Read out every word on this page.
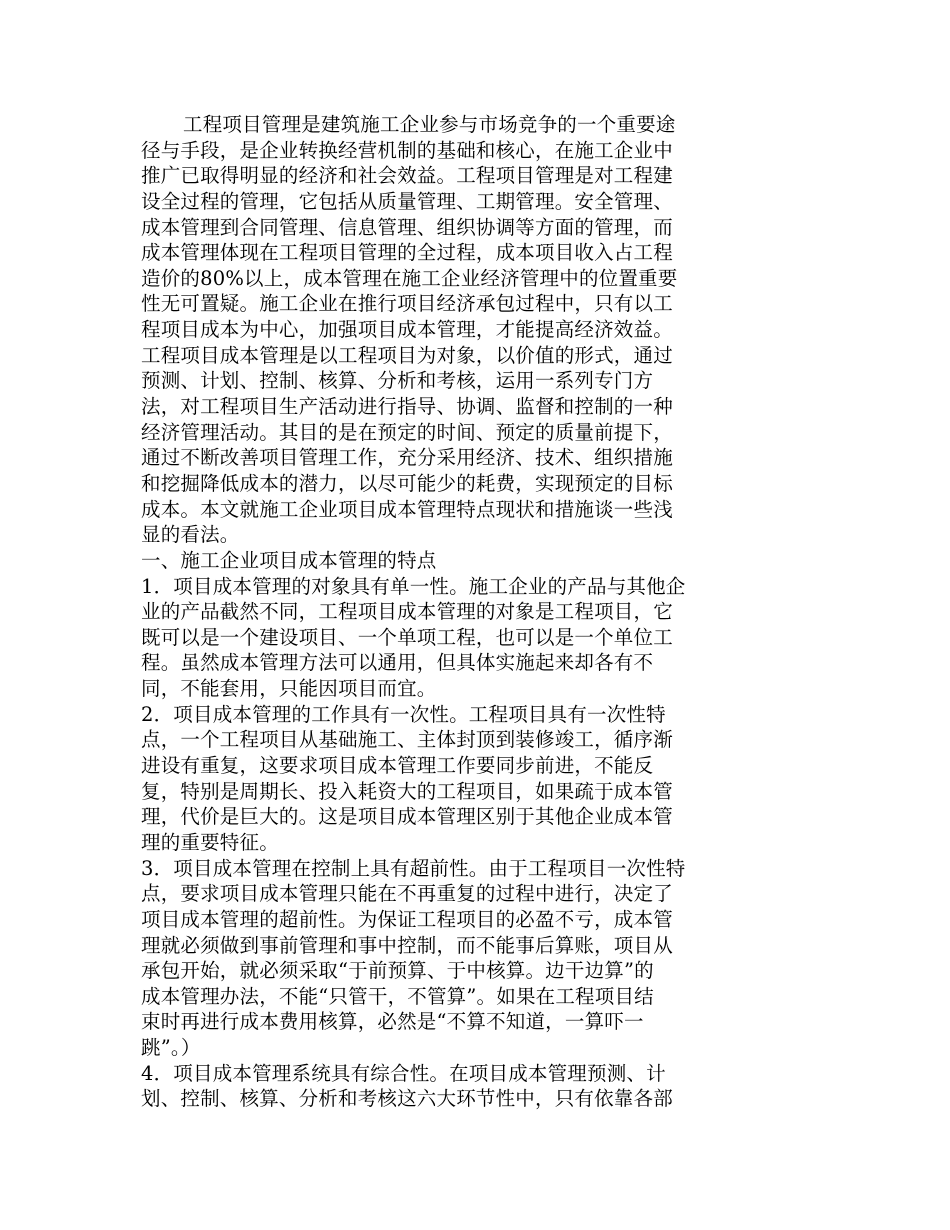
工程项目管理是建筑施工企业参与市场竞争的一个重要途
径与手段，是企业转换经营机制的基础和核心，在施工企业中
推广已取得明显的经济和社会效益。工程项目管理是对工程建
设全过程的管理，它包括从质量管理、工期管理。安全管理、
成本管理到合同管理、信息管理、组织协调等方面的管理，而
成本管理体现在工程项目管理的全过程，成本项目收入占工程
造价的80%以上，成本管理在施工企业经济管理中的位置重要
性无可置疑。施工企业在推行项目经济承包过程中，只有以工
程项目成本为中心，加强项目成本管理，才能提高经济效益。
工程项目成本管理是以工程项目为对象，以价值的形式，通过
预测、计划、控制、核算、分析和考核，运用一系列专门方
法，对工程项目生产活动进行指导、协调、监督和控制的一种
经济管理活动。其目的是在预定的时间、预定的质量前提下，
通过不断改善项目管理工作，充分采用经济、技术、组织措施
和挖掘降低成本的潜力，以尽可能少的耗费，实现预定的目标
成本。本文就施工企业项目成本管理特点现状和措施谈一些浅
显的看法。
一、施工企业项目成本管理的特点
1．项目成本管理的对象具有单一性。施工企业的产品与其他企
业的产品截然不同，工程项目成本管理的对象是工程项目，它
既可以是一个建设项目、一个单项工程，也可以是一个单位工
程。虽然成本管理方法可以通用，但具体实施起来却各有不
同，不能套用，只能因项目而宜。
2．项目成本管理的工作具有一次性。工程项目具有一次性特
点，一个工程项目从基础施工、主体封顶到装修竣工，循序渐
进设有重复，这要求项目成本管理工作要同步前进，不能反
复，特别是周期长、投入耗资大的工程项目，如果疏于成本管
理，代价是巨大的。这是项目成本管理区别于其他企业成本管
理的重要特征。
3．项目成本管理在控制上具有超前性。由于工程项目一次性特
点，要求项目成本管理只能在不再重复的过程中进行，决定了
项目成本管理的超前性。为保证工程项目的必盈不亏，成本管
理就必须做到事前管理和事中控制，而不能事后算账，项目从
承包开始，就必须采取“于前预算、于中核算。边干边算”的
成本管理办法，不能“只管干，不管算”。如果在工程项目结
束时再进行成本费用核算，必然是“不算不知道，一算吓一
跳”。）
4．项目成本管理系统具有综合性。在项目成本管理预测、计
划、控制、核算、分析和考核这六大环节性中，只有依靠各部
